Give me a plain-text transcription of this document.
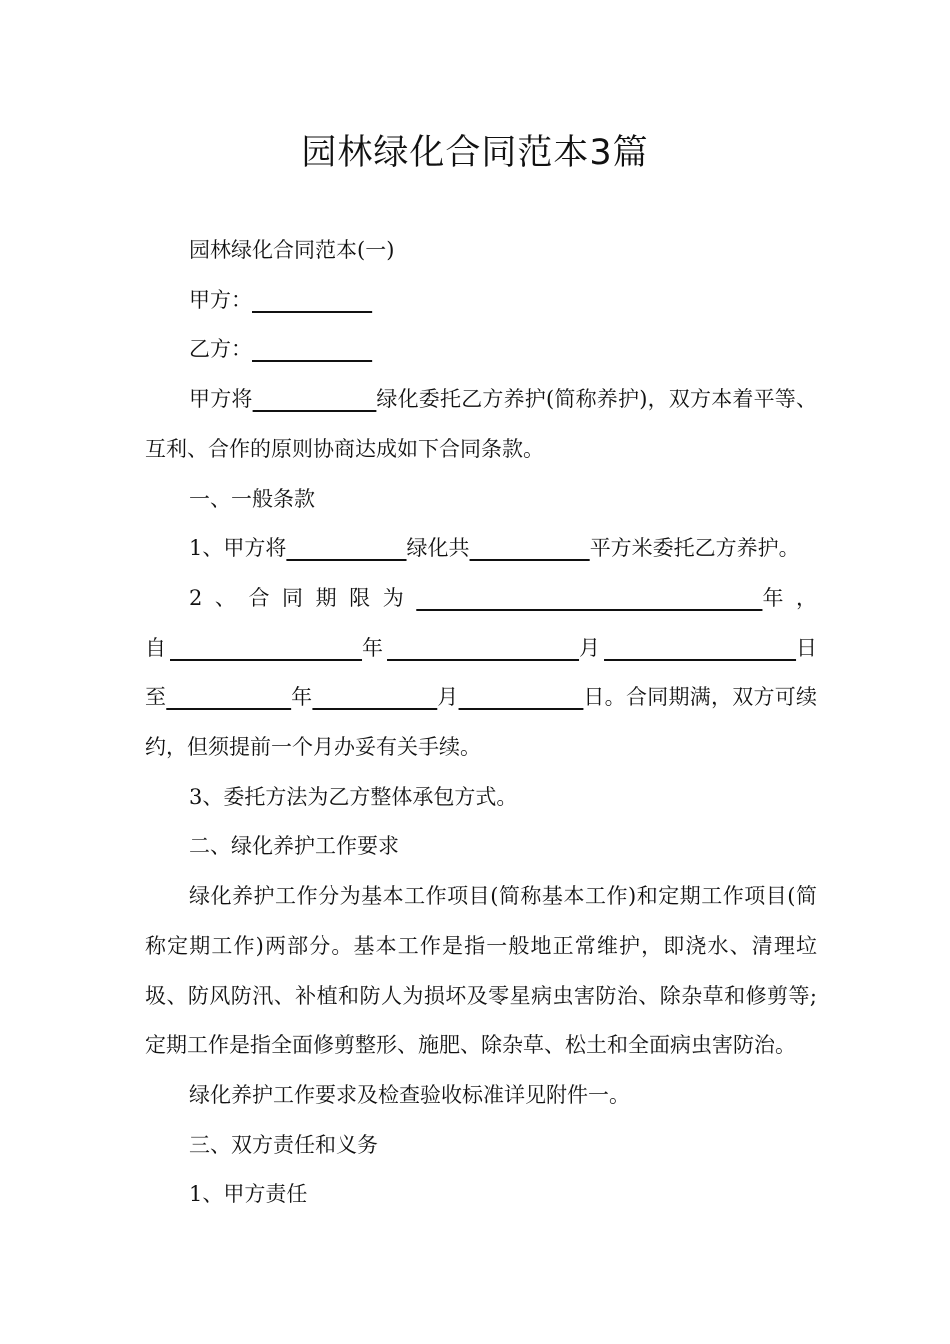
园林绿化合同范本3篇

园林绿化合同范本(一)

甲方：

乙方：

甲方将	绿化委托乙方养护(简称养护)，双方本着平等、互利、合作的原则协商达成如下合同条款。

一、一般条款

1、甲方将	绿化共	平方米委托乙方养护。

2、合同期限为	年，自	年	月	日至	年	月	日。合同期满，双方可续约，但须提前一个月办妥有关手续。

3、委托方法为乙方整体承包方式。

二、绿化养护工作要求

绿化养护工作分为基本工作项目(简称基本工作)和定期工作项目(简称定期工作)两部分。基本工作是指一般地正常维护，即浇水、清理垃圾、防风防汛、补植和防人为损坏及零星病虫害防治、除杂草和修剪等;定期工作是指全面修剪整形、施肥、除杂草、松土和全面病虫害防治。

绿化养护工作要求及检查验收标准详见附件一。

三、双方责任和义务

1、甲方责任
